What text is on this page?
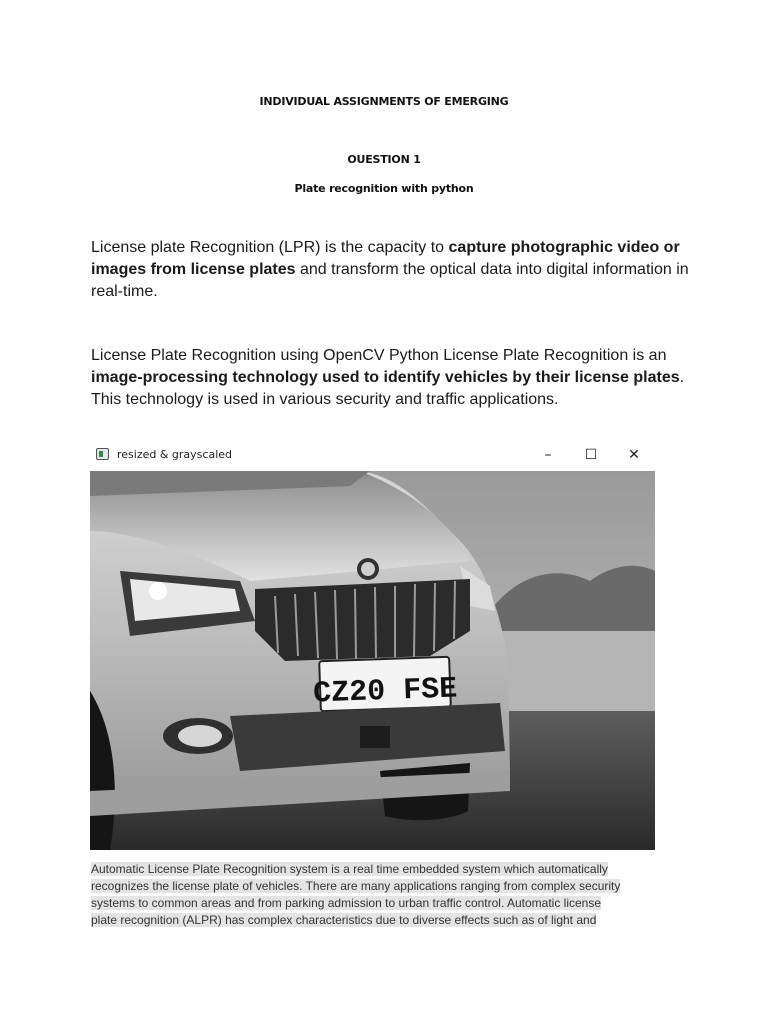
INDIVIDUAL ASSIGNMENTS OF EMERGING
OUESTION 1
Plate recognition with python
License plate Recognition (LPR) is the capacity to capture photographic video or images from license plates and transform the optical data into digital information in real-time.
License Plate Recognition using OpenCV Python License Plate Recognition is an image-processing technology used to identify vehicles by their license plates. This technology is used in various security and traffic applications.
resized & grayscaled	–	☐	✕
CZ20 FSE
Automatic License Plate Recognition system is a real time embedded system which automatically
recognizes the license plate of vehicles. There are many applications ranging from complex security
systems to common areas and from parking admission to urban traffic control. Automatic license
plate recognition (ALPR) has complex characteristics due to diverse effects such as of light and
